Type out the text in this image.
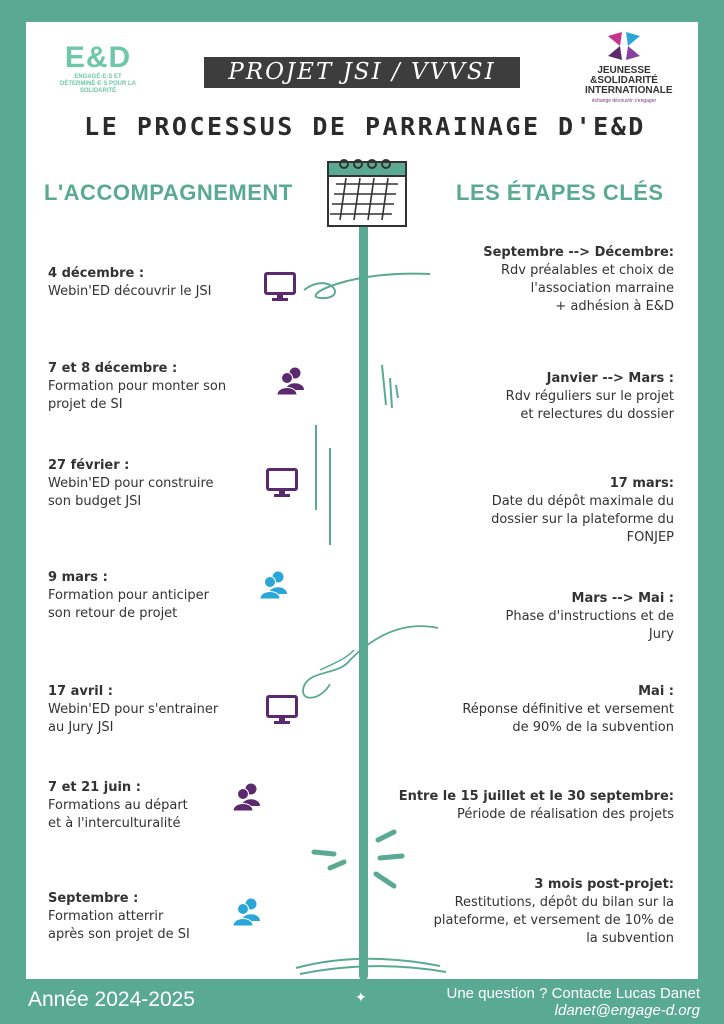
E&D
ENGAGÉ·E·S ET DÉTERMINÉ·E·S POUR LA SOLIDARITÉ
PROJET JSI / VVVSI	JEUNESSE
&SOLIDARITÉ
INTERNATIONALE
échange découvrir s'engager
LE PROCESSUS DE PARRAINAGE D'E&D
L'ACCOMPAGNEMENT	LES ÉTAPES CLÉS
4 décembre :
Webin'ED découvrir le JSI
7 et 8 décembre :
Formation pour monter son
projet de SI
27 février :
Webin'ED pour construire
son budget JSI
9 mars :
Formation pour anticiper
son retour de projet
17 avril :
Webin'ED pour s'entrainer
au Jury JSI
7 et 21 juin :
Formations au départ
et à l'interculturalité
Septembre :
Formation atterrir
après son projet de SI
Septembre --> Décembre:
Rdv préalables et choix de
l'association marraine
+ adhésion à E&D
Janvier --> Mars :
Rdv réguliers sur le projet
et relectures du dossier
17 mars:
Date du dépôt maximale du
dossier sur la plateforme du
FONJEP
Mars --> Mai :
Phase d'instructions et de
Jury
Mai :
Réponse définitive et versement
de 90% de la subvention
Entre le 15 juillet et le 30 septembre:
Période de réalisation des projets
3 mois post-projet:
Restitutions, dépôt du bilan sur la
plateforme, et versement de 10% de
la subvention
Année 2024-2025	✦	Une question ? Contacte Lucas Danet
ldanet@engage-d.org
